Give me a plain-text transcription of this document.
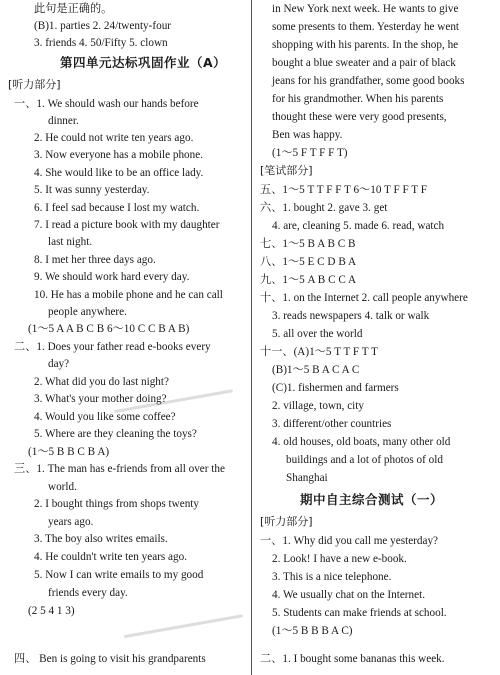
此句是正确的。
(B)1. parties 2. 24/twenty-four
3. friends 4. 50/Fifty 5. clown
第四单元达标巩固作业（A）
[听力部分]
一、1. We should wash our hands before
dinner.
2. He could not write ten years ago.
3. Now everyone has a mobile phone.
4. She would like to be an office lady.
5. It was sunny yesterday.
6. I feel sad because I lost my watch.
7. I read a picture book with my daughter
last night.
8. I met her three days ago.
9. We should work hard every day.
10. He has a mobile phone and he can call
people anywhere.
(1～5 A A B C B 6～10 C C B A B)
二、1. Does your father read e-books every
day?
2. What did you do last night?
3. What's your mother doing?
4. Would you like some coffee?
5. Where are they cleaning the toys?
(1～5 B B C B A)
三、1. The man has e-friends from all over the
world.
2. I bought things from shops twenty
years ago.
3. The boy also writes emails.
4. He couldn't write ten years ago.
5. Now I can write emails to my good
friends every day.
(2 5 4 1 3)
四、 Ben is going to visit his grandparents
in New York next week. He wants to give
some presents to them. Yesterday he went
shopping with his parents. In the shop, he
bought a blue sweater and a pair of black
jeans for his grandfather, some good books
for his grandmother. When his parents
thought these were very good presents,
Ben was happy.
(1～5 F T F F T)
[笔试部分]
五、1～5 T T F F T 6～10 T F F T F
六、1. bought 2. gave 3. get
4. are, cleaning 5. made 6. read, watch
七、1～5 B A B C B
八、1～5 E C D B A
九、1～5 A B C C A
十、1. on the Internet 2. call people anywhere
3. reads newspapers 4. talk or walk
5. all over the world
十一、(A)1～5 T T F T T
(B)1～5 B A C A C
(C)1. fishermen and farmers
2. village, town, city
3. different/other countries
4. old houses, old boats, many other old
buildings and a lot of photos of old
Shanghai
期中自主综合测试（一）
[听力部分]
一、1. Why did you call me yesterday?
2. Look! I have a new e-book.
3. This is a nice telephone.
4. We usually chat on the Internet.
5. Students can make friends at school.
(1～5 B B B A C)
二、1. I bought some bananas this week.
